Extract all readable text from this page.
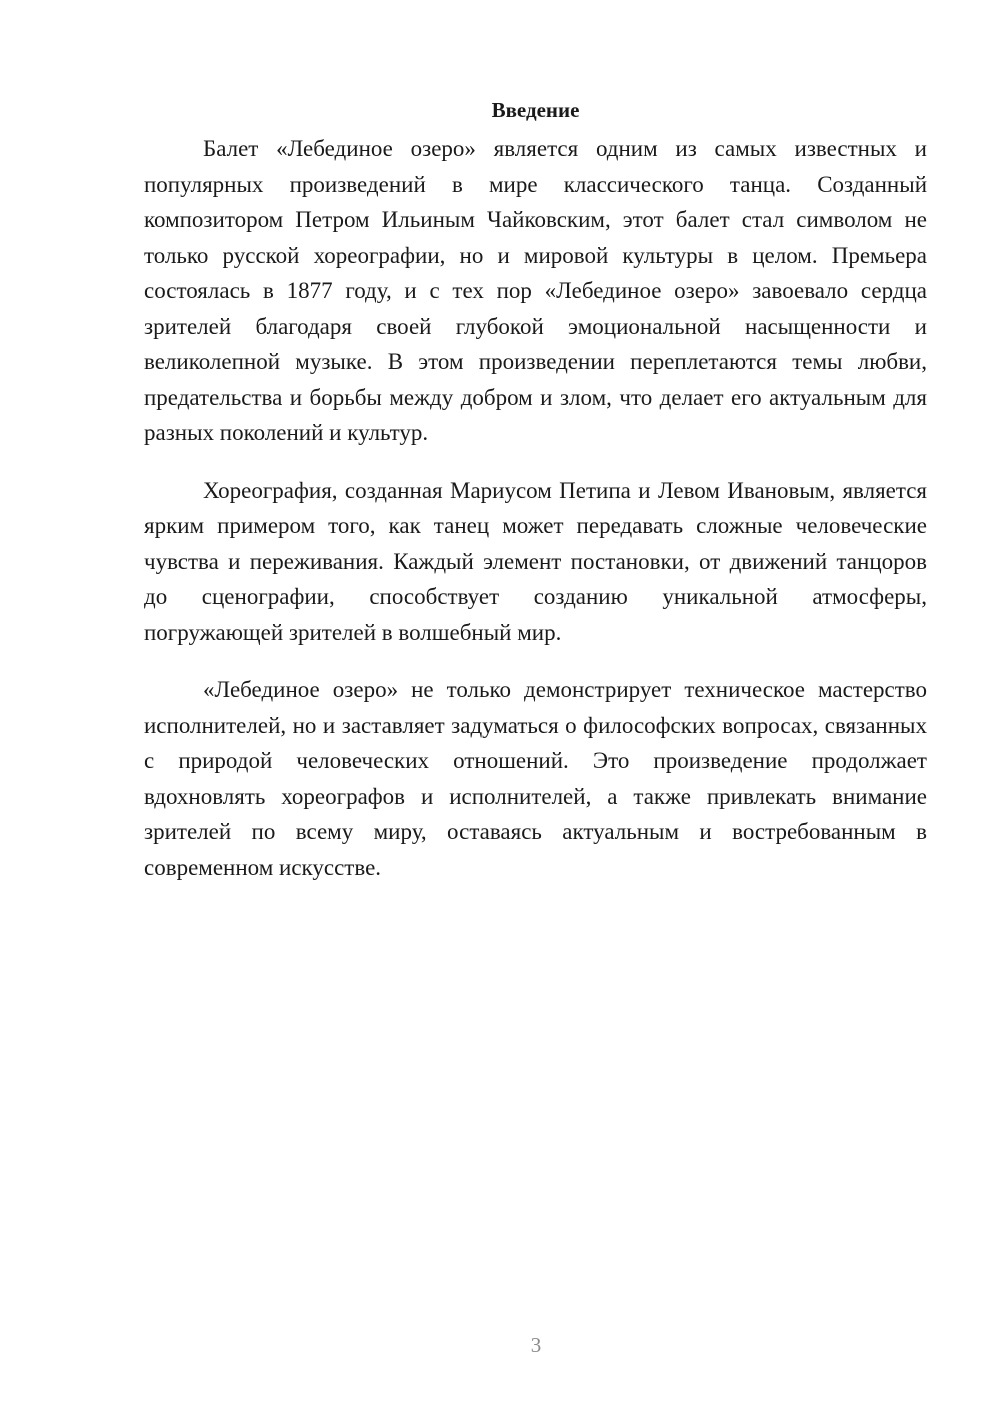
Введение

Балет «Лебединое озеро» является одним из самых известных и популярных произведений в мире классического танца. Созданный композитором Петром Ильиным Чайковским, этот балет стал символом не только русской хореографии, но и мировой культуры в целом. Премьера состоялась в 1877 году, и с тех пор «Лебединое озеро» завоевало сердца зрителей благодаря своей глубокой эмоциональной насыщенности и великолепной музыке. В этом произведении переплетаются темы любви, предательства и борьбы между добром и злом, что делает его актуальным для разных поколений и культур.

Хореография, созданная Мариусом Петипа и Левом Ивановым, является ярким примером того, как танец может передавать сложные человеческие чувства и переживания. Каждый элемент постановки, от движений танцоров до сценографии, способствует созданию уникальной атмосферы, погружающей зрителей в волшебный мир.

«Лебединое озеро» не только демонстрирует техническое мастерство исполнителей, но и заставляет задуматься о философских вопросах, связанных с природой человеческих отношений. Это произведение продолжает вдохновлять хореографов и исполнителей, а также привлекать внимание зрителей по всему миру, оставаясь актуальным и востребованным в современном искусстве.

3
